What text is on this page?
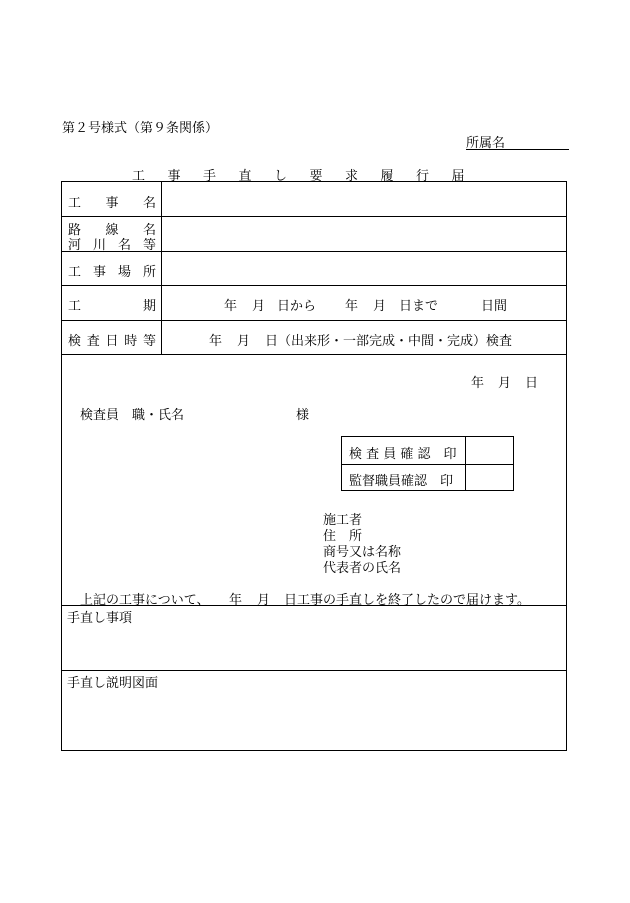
第２号様式（第９条関係）
所属名
工事手直し要求履行届
工 事 名
路 線 名
河 川 名 等
工 事 場 所
工	期	年 月 日から 年 月 日まで	日間
検 査 日 時 等	年 月 日（出来形・一部完成・中間・完成）検査
年 月 日
検査員　職・氏名	様
検 査 員 確 認　印
監督職員確認　印
施工者
住　所
商号又は名称
代表者の氏名
上記の工事について、 年 月 日工事の手直しを終了したので届けます。
手直し事項
手直し説明図面
